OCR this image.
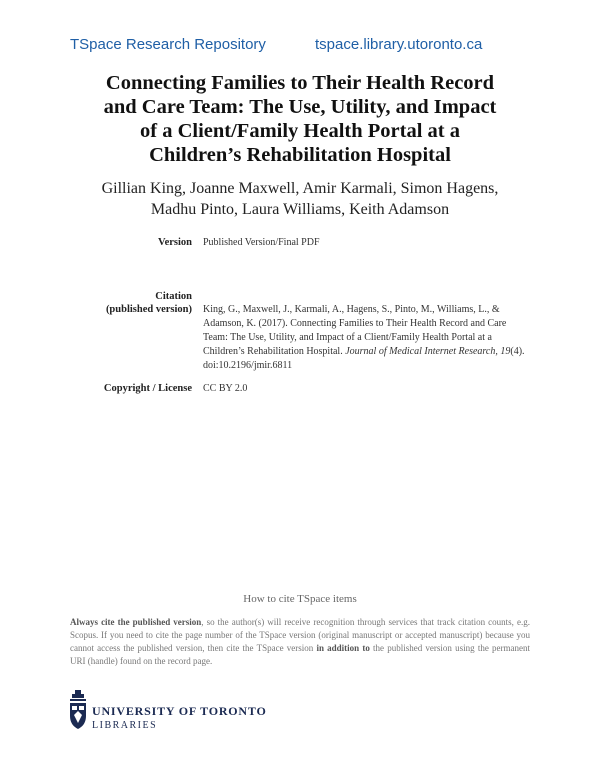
TSpace Research Repository	tspace.library.utoronto.ca
Connecting Families to Their Health Record
and Care Team: The Use, Utility, and Impact
of a Client/Family Health Portal at a
Children’s Rehabilitation Hospital

Gillian King, Joanne Maxwell, Amir Karmali, Simon Hagens,
Madhu Pinto, Laura Williams, Keith Adamson

Version Published Version/Final PDF
Citation
(published version) King, G., Maxwell, J., Karmali, A., Hagens, S., Pinto, M., Williams, L., & Adamson, K. (2017). Connecting Families to Their Health Record and Care Team: The Use, Utility, and Impact of a Client/Family Health Portal at a Children’s Rehabilitation Hospital. Journal of Medical Internet Research, 19(4). doi:10.2196/jmir.6811
Copyright / License CC BY 2.0

How to cite TSpace items

Always cite the published version, so the author(s) will receive recognition through services that track citation counts, e.g. Scopus. If you need to cite the page number of the TSpace version (original manuscript or accepted manuscript) because you cannot access the published version, then cite the TSpace version in addition to the published version using the permanent URI (handle) found on the record page.

UNIVERSITY OF TORONTO
LIBRARIES
